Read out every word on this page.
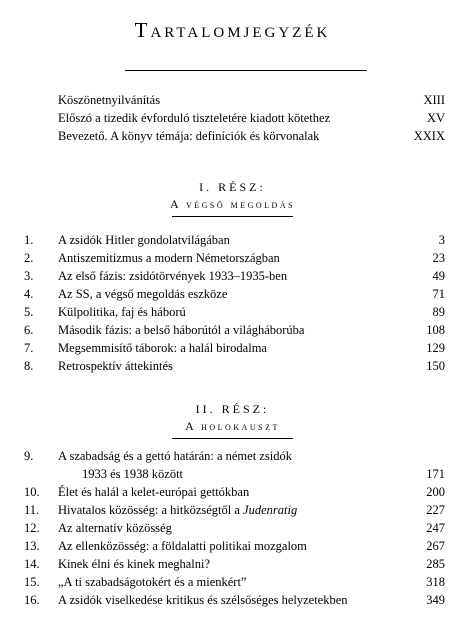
Tartalomjegyzék
Köszönetnyilvánítás	XIII
Előszó a tizedik évforduló tiszteletére kiadott kötethez	XV
Bevezető. A könyv témája: definíciók és körvonalak	XXIX
I. RÉSZ:
A végső megoldás
1.	A zsidók Hitler gondolatvilágában	3
2.	Antiszemitizmus a modern Németországban	23
3.	Az első fázis: zsidótörvények 1933–1935-ben	49
4.	Az SS, a végső megoldás eszköze	71
5.	Külpolitika, faj és háború	89
6.	Második fázis: a belső háborútól a világháborúba	108
7.	Megsemmisítő táborok: a halál birodalma	129
8.	Retrospektív áttekintés	150
II. RÉSZ:
A holokauszt
9.	A szabadság és a gettó határán: a német zsidók
1933 és 1938 között	171
10.	Élet és halál a kelet-európai gettókban	200
11.	Hivatalos közösség: a hitközségtől a Judenratig	227
12.	Az alternatív közösség	247
13.	Az ellenközösség: a földalatti politikai mozgalom	267
14.	Kinek élni és kinek meghalni?	285
15.	„A ti szabadságotokért és a mienkért”	318
16.	A zsidók viselkedése kritikus és szélsőséges helyzetekben	349
